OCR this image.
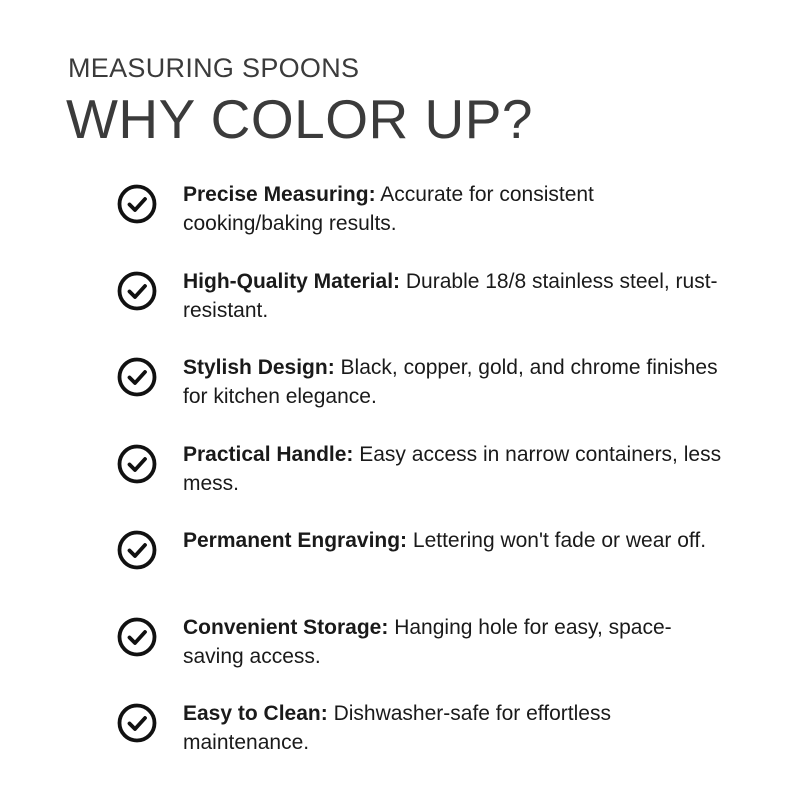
MEASURING SPOONS

WHY COLOR UP?
Precise Measuring: Accurate for consistent cooking/baking results.
High-Quality Material: Durable 18/8 stainless steel, rust-resistant.
Stylish Design: Black, copper, gold, and chrome finishes for kitchen elegance.
Practical Handle: Easy access in narrow containers, less mess.
Permanent Engraving: Lettering won't fade or wear off.
Convenient Storage: Hanging hole for easy, space-saving access.
Easy to Clean: Dishwasher-safe for effortless maintenance.
